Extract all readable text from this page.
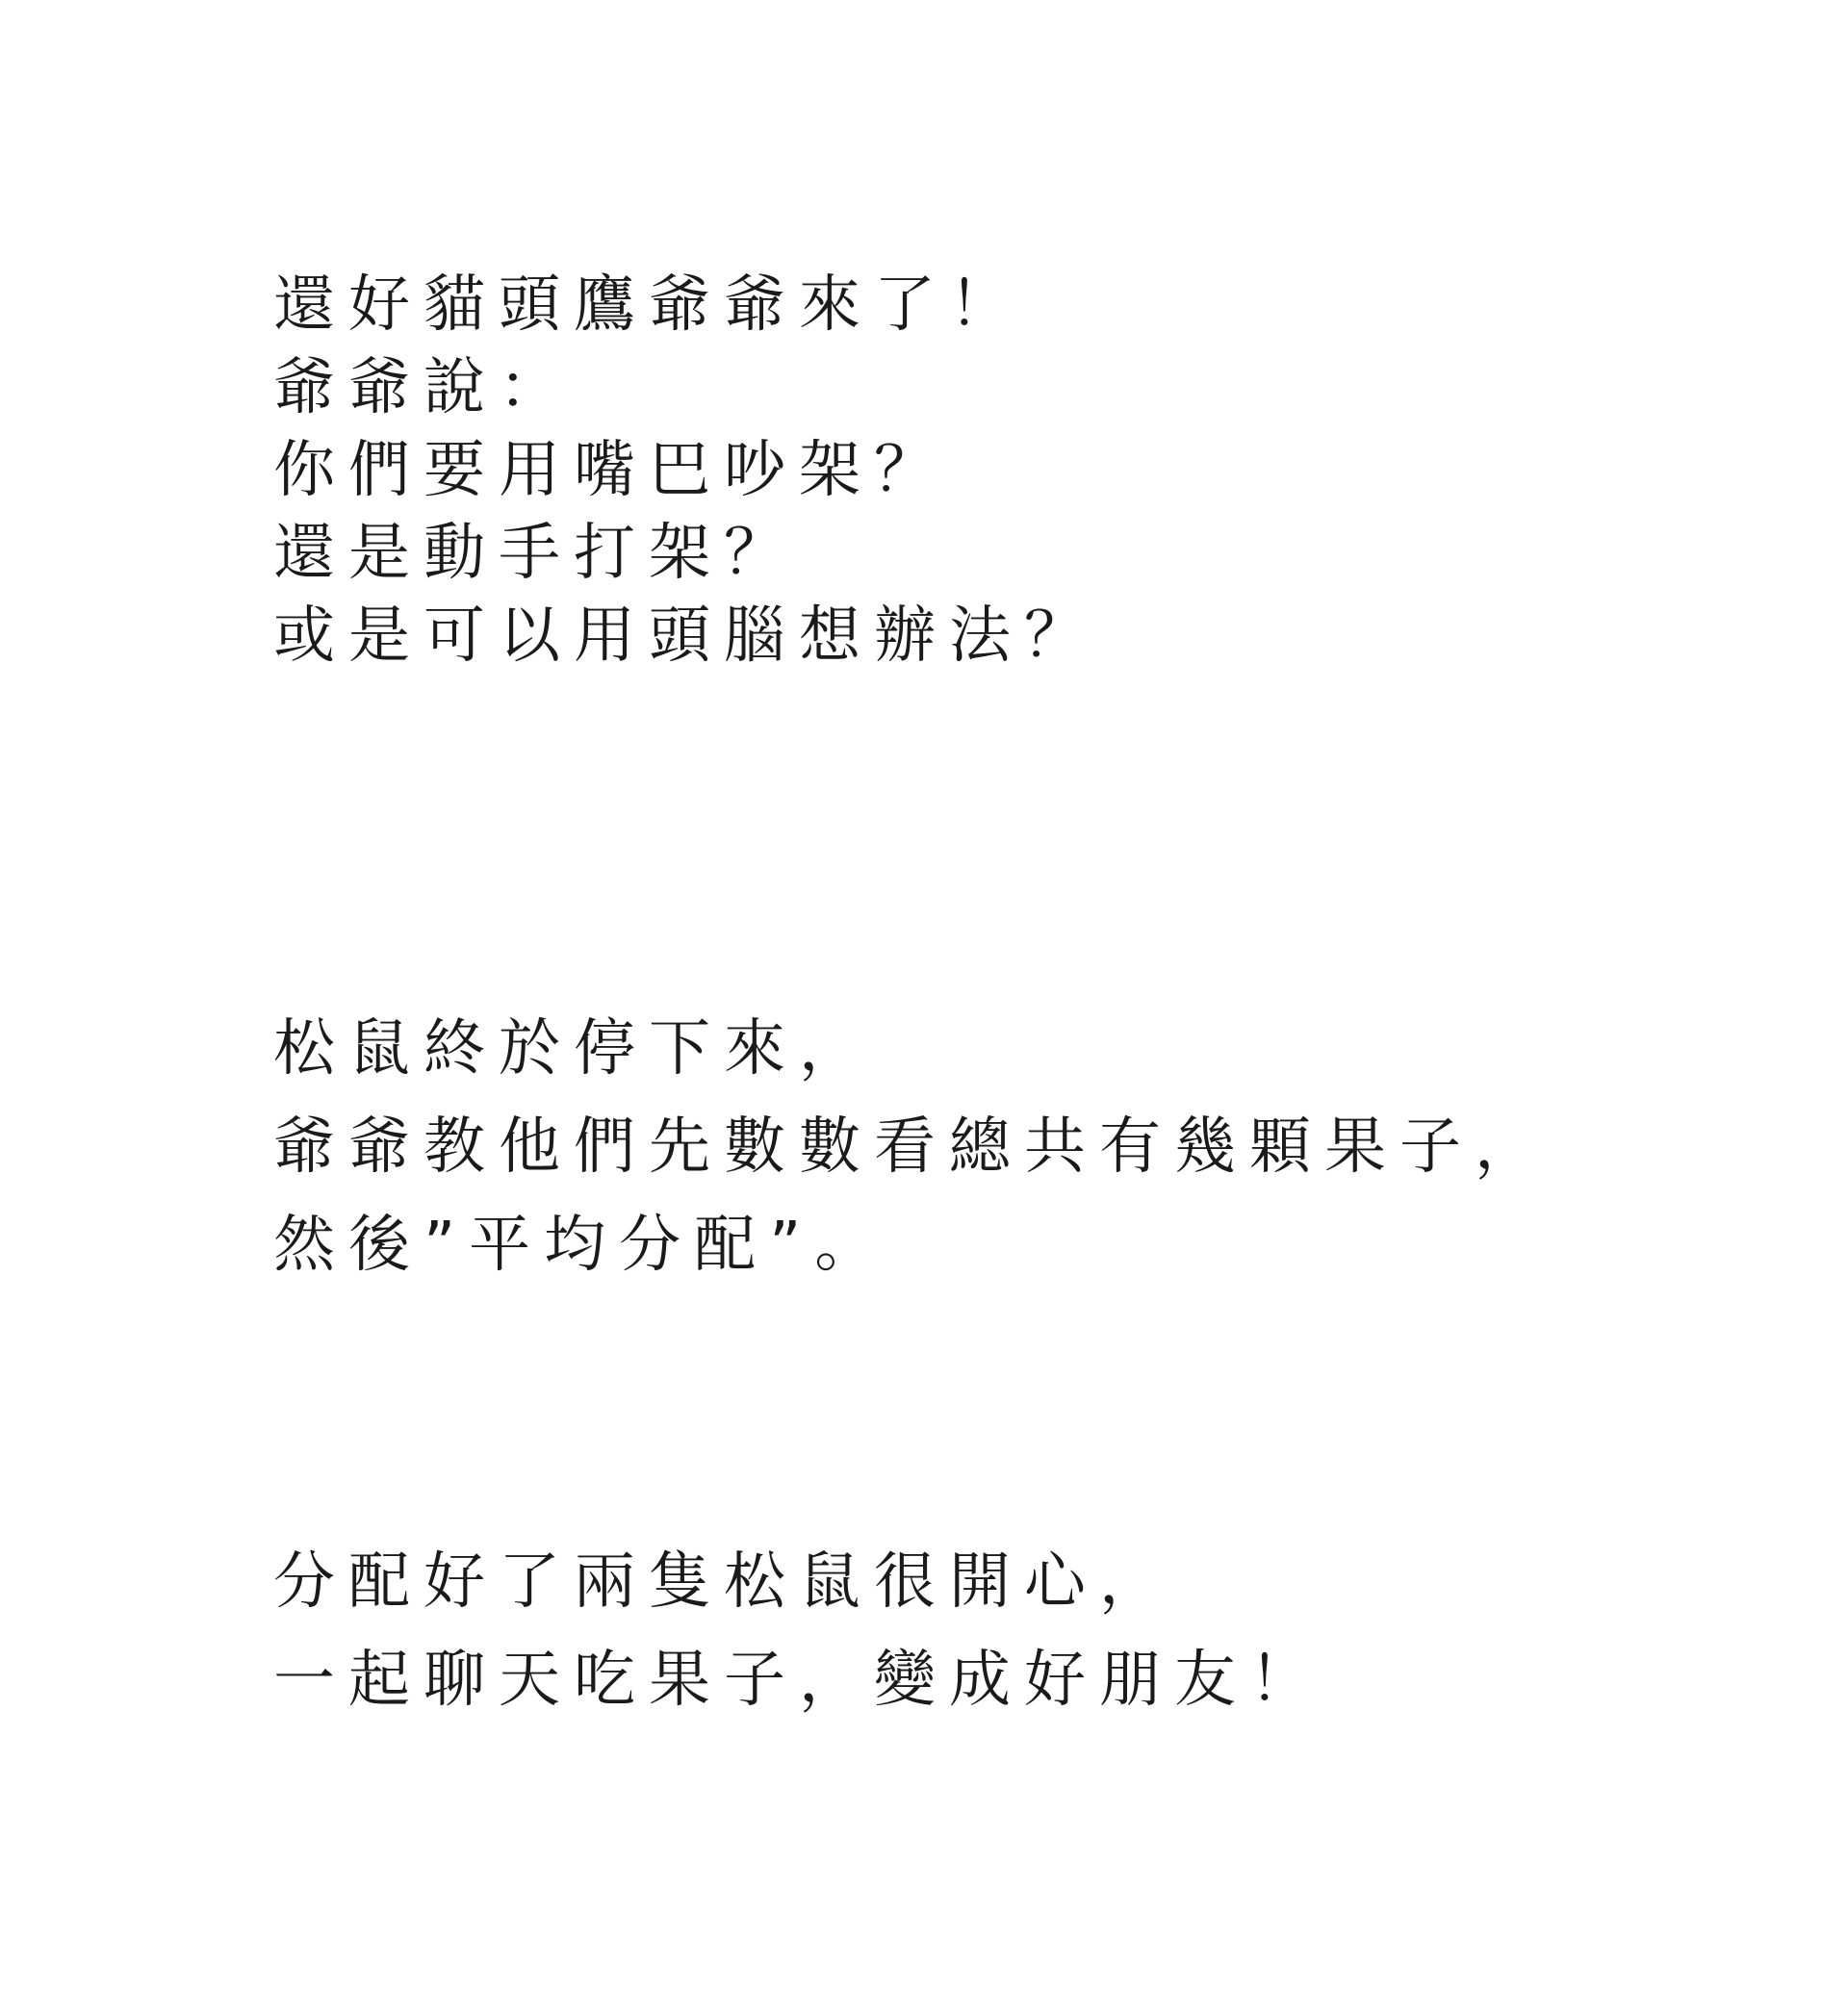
還好貓頭鷹爺爺來了！
爺爺說：
你們要用嘴巴吵架？
還是動手打架？
或是可以用頭腦想辦法？
松鼠終於停下來，
爺爺教他們先數數看總共有幾顆果子，
然後”平均分配”。
分配好了兩隻松鼠很開心，
一起聊天吃果子，變成好朋友！
